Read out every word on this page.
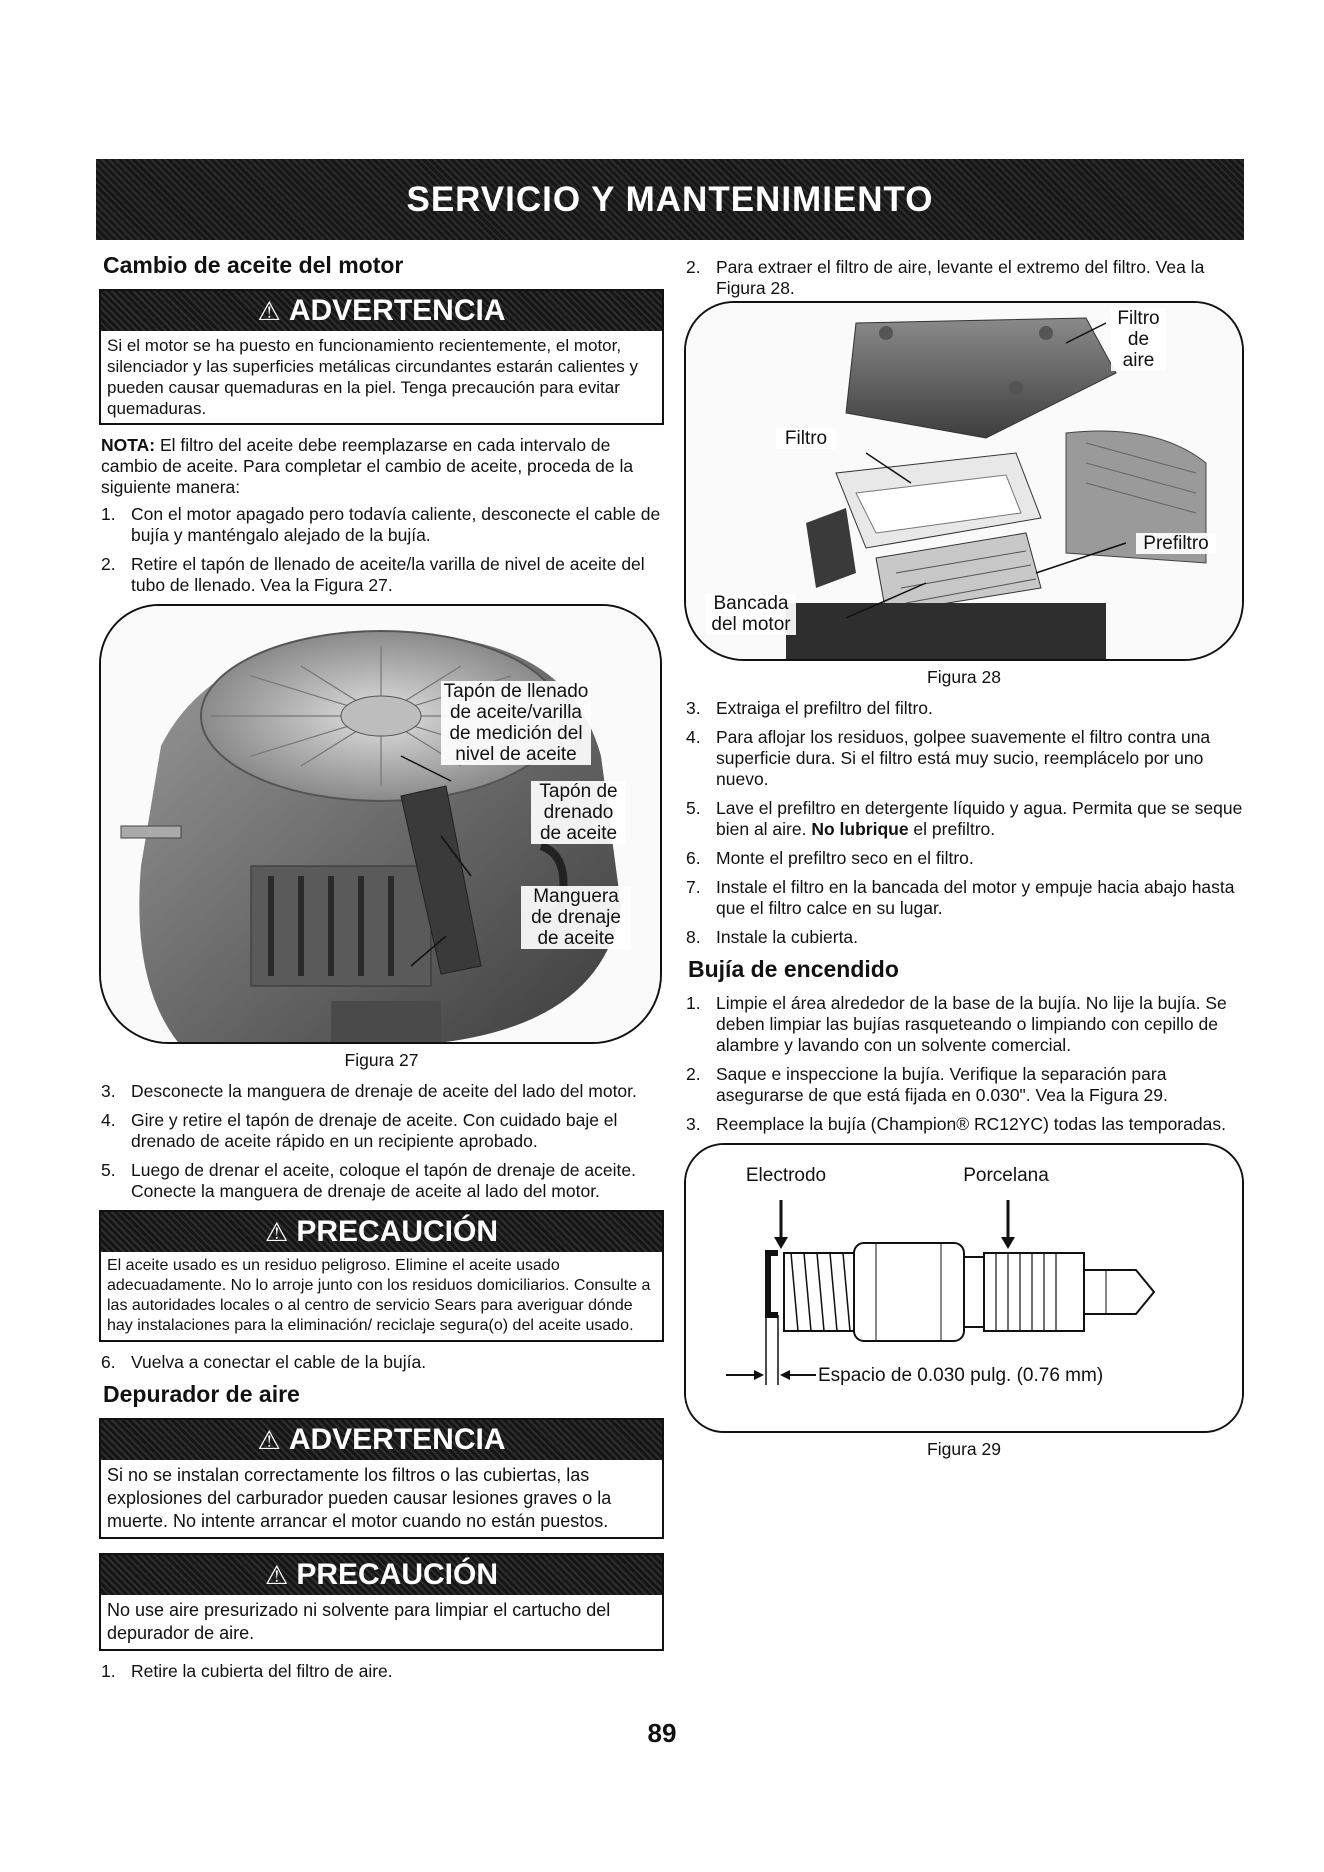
SERVICIO Y MANTENIMIENTO
Cambio de aceite del motor
⚠ ADVERTENCIA
Si el motor se ha puesto en funcionamiento recientemente, el motor, silenciador y las superficies metálicas circundantes estarán calientes y pueden causar quemaduras en la piel. Tenga precaución para evitar quemaduras.

NOTA: El filtro del aceite debe reemplazarse en cada intervalo de cambio de aceite. Para completar el cambio de aceite, proceda de la siguiente manera:

1. Con el motor apagado pero todavía caliente, desconecte el cable de bujía y manténgalo alejado de la bujía.
2. Retire el tapón de llenado de aceite/la varilla de nivel de aceite del tubo de llenado. Vea la Figura 27.
Tapón de llenado de aceite/varilla de medición del nivel de aceite
Tapón de drenado de aceite
Manguera de drenaje de aceite
Figura 27
3. Desconecte la manguera de drenaje de aceite del lado del motor.
4. Gire y retire el tapón de drenaje de aceite. Con cuidado baje el drenado de aceite rápido en un recipiente aprobado.
5. Luego de drenar el aceite, coloque el tapón de drenaje de aceite. Conecte la manguera de drenaje de aceite al lado del motor.
⚠ PRECAUCIÓN
El aceite usado es un residuo peligroso. Elimine el aceite usado adecuadamente. No lo arroje junto con los residuos domiciliarios. Consulte a las autoridades locales o al centro de servicio Sears para averiguar dónde hay instalaciones para la eliminación/ reciclaje segura(o) del aceite usado.
6. Vuelva a conectar el cable de la bujía.
Depurador de aire
⚠ ADVERTENCIA
Si no se instalan correctamente los filtros o las cubiertas, las explosiones del carburador pueden causar lesiones graves o la muerte. No intente arrancar el motor cuando no están puestos.
⚠ PRECAUCIÓN
No use aire presurizado ni solvente para limpiar el cartucho del depurador de aire.
1. Retire la cubierta del filtro de aire.
2. Para extraer el filtro de aire, levante el extremo del filtro. Vea la Figura 28.
Filtro de aire
Filtro
Prefiltro
Bancada del motor
Figura 28
3. Extraiga el prefiltro del filtro.
4. Para aflojar los residuos, golpee suavemente el filtro contra una superficie dura. Si el filtro está muy sucio, reemplácelo por uno nuevo.
5. Lave el prefiltro en detergente líquido y agua. Permita que se seque bien al aire. No lubrique el prefiltro.
6. Monte el prefiltro seco en el filtro.
7. Instale el filtro en la bancada del motor y empuje hacia abajo hasta que el filtro calce en su lugar.
8. Instale la cubierta.
Bujía de encendido
1. Limpie el área alrededor de la base de la bujía. No lije la bujía. Se deben limpiar las bujías rasqueteando o limpiando con cepillo de alambre y lavando con un solvente comercial.
2. Saque e inspeccione la bujía. Verifique la separación para asegurarse de que está fijada en 0.030". Vea la Figura 29.
3. Reemplace la bujía (Champion® RC12YC) todas las temporadas.
Electrodo	Porcelana
Espacio de 0.030 pulg. (0.76 mm)
Figura 29
89
